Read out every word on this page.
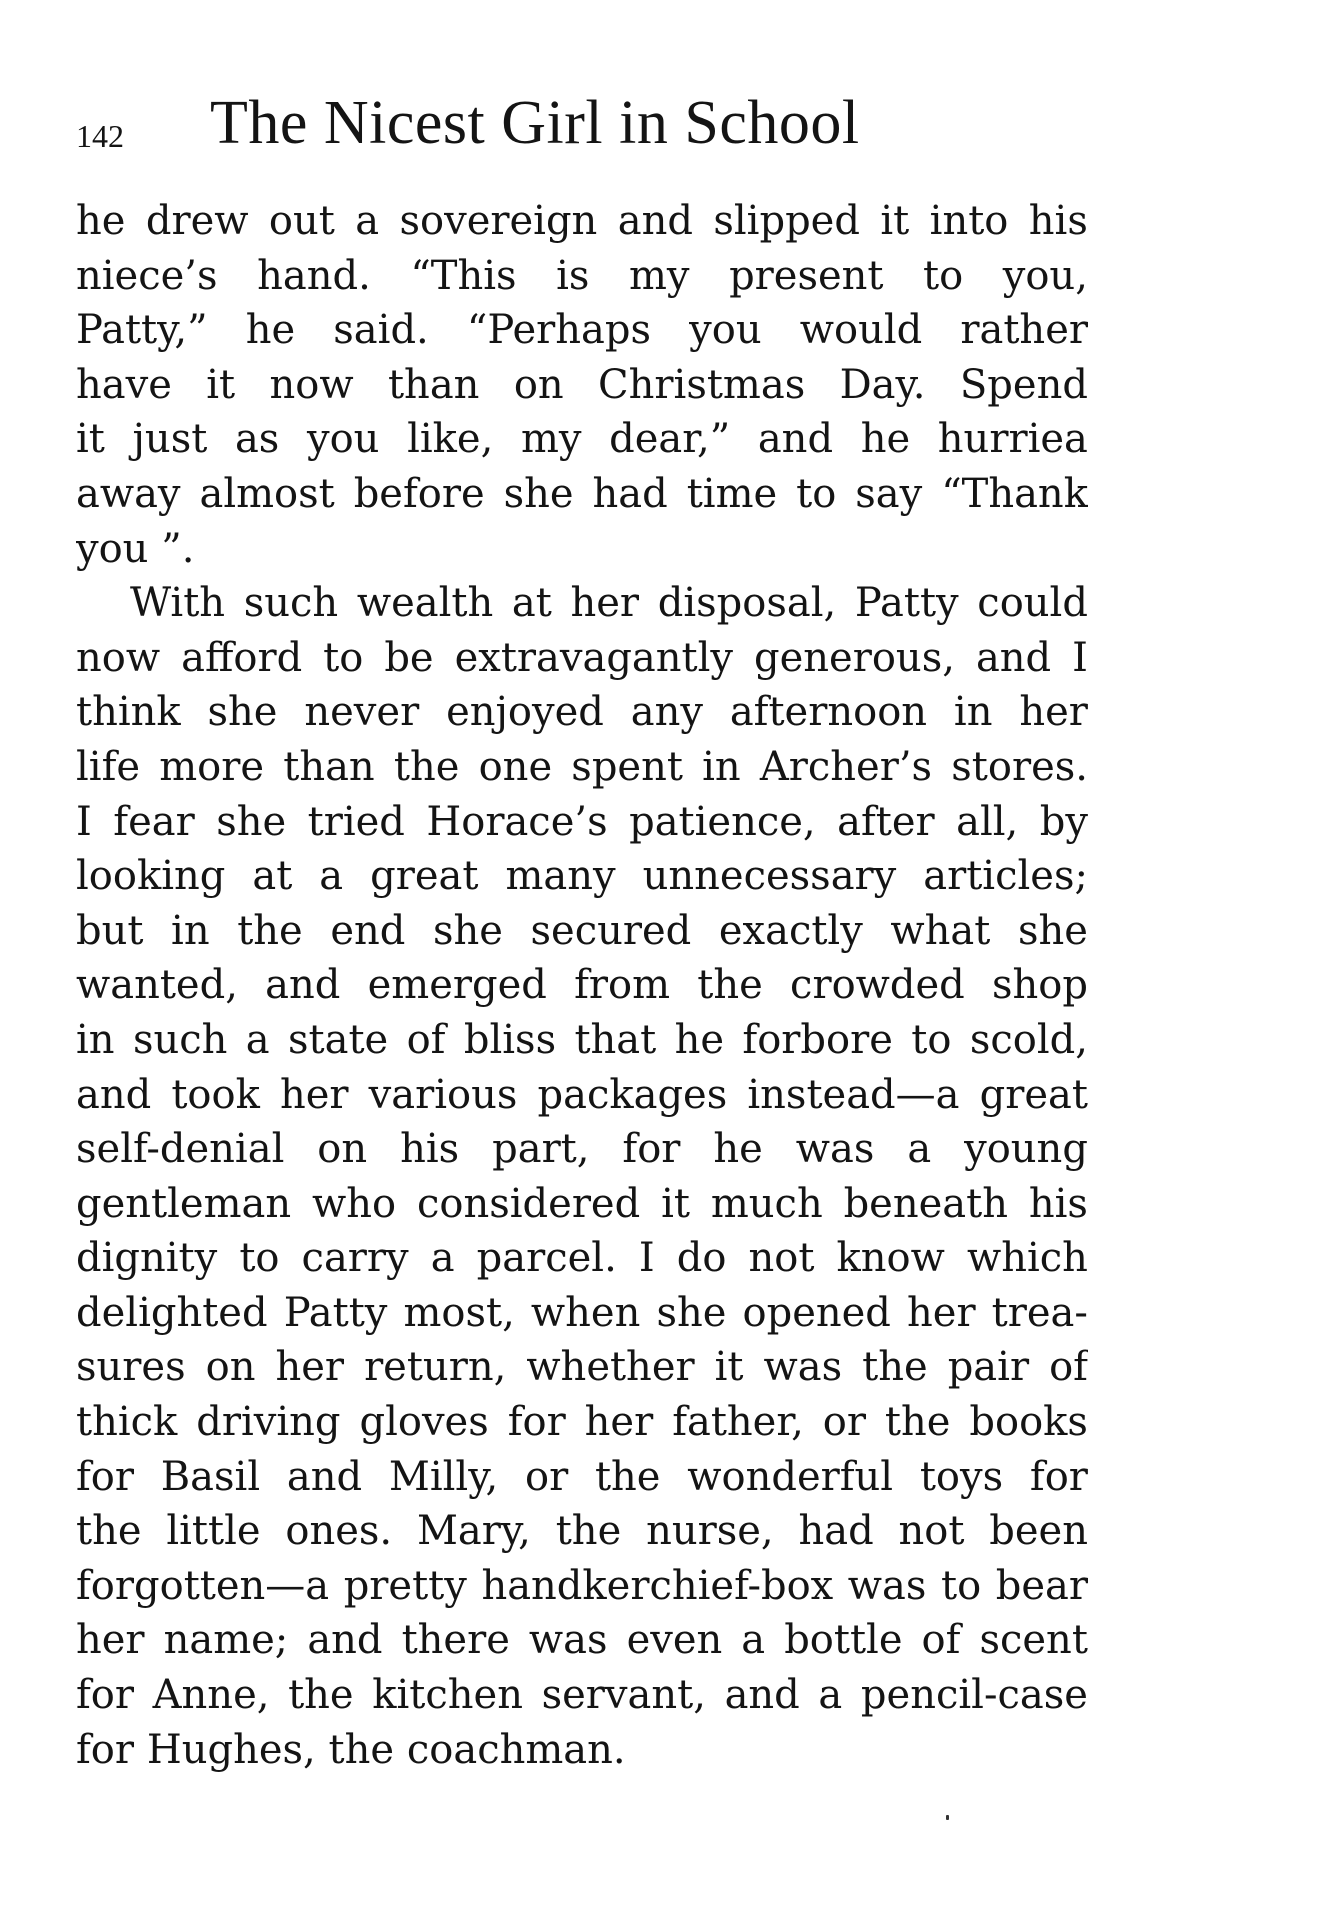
142 The Nicest Girl in School
he drew out a sovereign and slipped it into his
niece’s hand. “This is my present to you,
Patty,” he said. “Perhaps you would rather
have it now than on Christmas Day. Spend
it just as you like, my dear,” and he hurriea
away almost before she had time to say “Thank
you ”.
With such wealth at her disposal, Patty could
now afford to be extravagantly generous, and I
think she never enjoyed any afternoon in her
life more than the one spent in Archer’s stores.
I fear she tried Horace’s patience, after all, by
looking at a great many unnecessary articles;
but in the end she secured exactly what she
wanted, and emerged from the crowded shop
in such a state of bliss that he forbore to scold,
and took her various packages instead—a great
self-denial on his part, for he was a young
gentleman who considered it much beneath his
dignity to carry a parcel. I do not know which
delighted Patty most, when she opened her trea-
sures on her return, whether it was the pair of
thick driving gloves for her father, or the books
for Basil and Milly, or the wonderful toys for
the little ones. Mary, the nurse, had not been
forgotten—a pretty handkerchief-box was to bear
her name; and there was even a bottle of scent
for Anne, the kitchen servant, and a pencil-case
for Hughes, the coachman.
